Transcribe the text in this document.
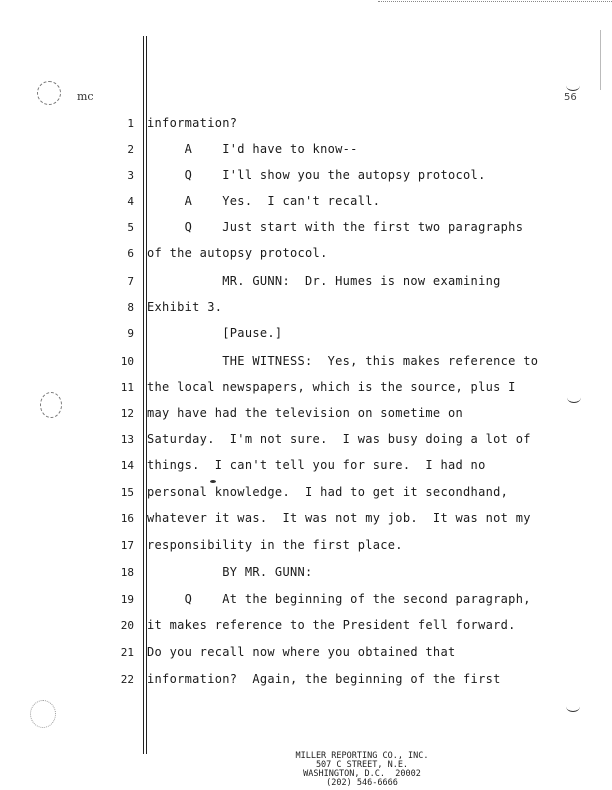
mc	56
1 information?
2 A    I'd have to know--
3 Q    I'll show you the autopsy protocol.
4 A    Yes.  I can't recall.
5 Q    Just start with the first two paragraphs
6 of the autopsy protocol.
7 MR. GUNN:  Dr. Humes is now examining
8 Exhibit 3.
9 [Pause.]
10 THE WITNESS:  Yes, this makes reference to
11 the local newspapers, which is the source, plus I
12 may have had the television on sometime on
13 Saturday.  I'm not sure.  I was busy doing a lot of
14 things.  I can't tell you for sure.  I had no
15 personal knowledge.  I had to get it secondhand,
16 whatever it was.  It was not my job.  It was not my
17 responsibility in the first place.
18 BY MR. GUNN:
19 Q    At the beginning of the second paragraph,
20 it makes reference to the President fell forward.
21 Do you recall now where you obtained that
22 information?  Again, the beginning of the first
MILLER REPORTING CO., INC.
507 C STREET, N.E.
WASHINGTON, D.C.  20002
(202) 546-6666
